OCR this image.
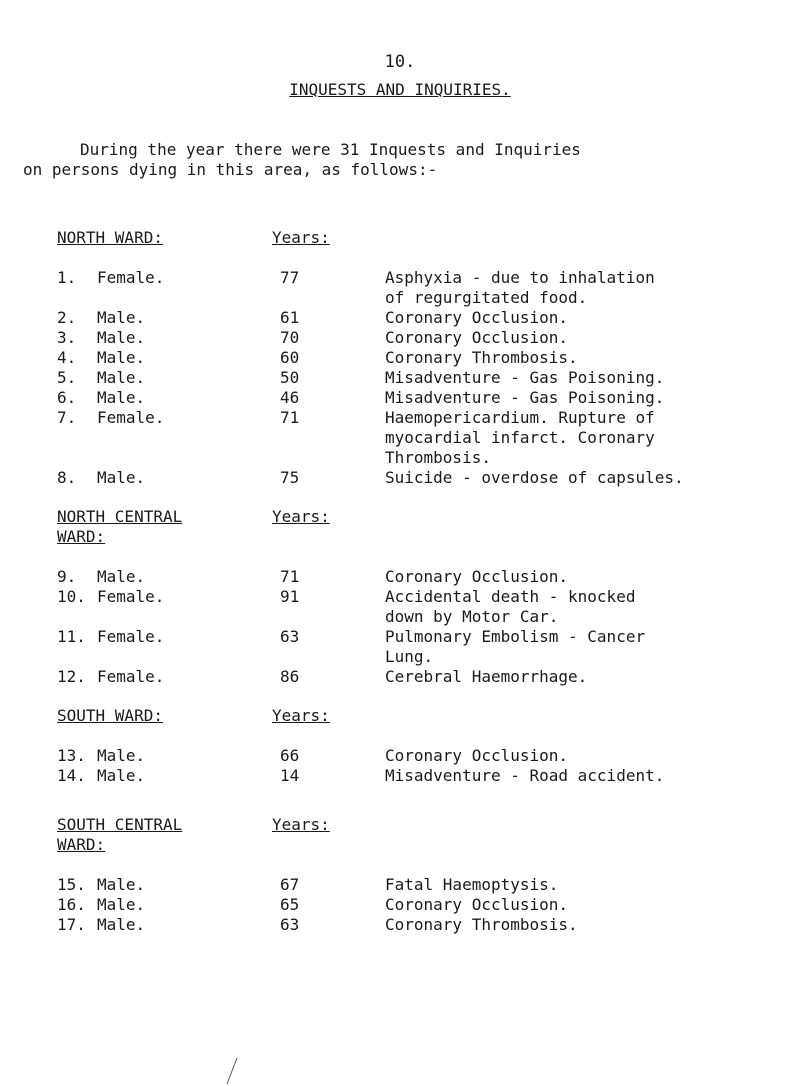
10.
INQUESTS AND INQUIRIES.
During the year there were 31 Inquests and Inquiries
on persons dying in this area, as follows:-
NORTH WARD:	Years:
1.	Female.	77	Asphyxia - due to inhalation
of regurgitated food.
2.	Male.	61	Coronary Occlusion.
3.	Male.	70	Coronary Occlusion.
4.	Male.	60	Coronary Thrombosis.
5.	Male.	50	Misadventure - Gas Poisoning.
6.	Male.	46	Misadventure - Gas Poisoning.
7.	Female.	71	Haemopericardium. Rupture of
myocardial infarct. Coronary
Thrombosis.
8.	Male.	75	Suicide - overdose of capsules.
NORTH CENTRAL WARD:
Years:
9.	Male.	71	Coronary Occlusion.
10. Female.	91	Accidental death - knocked
down by Motor Car.
11. Female.	63	Pulmonary Embolism - Cancer
Lung.
12. Female.	86	Cerebral Haemorrhage.
SOUTH WARD:	Years:
13. Male.	66	Coronary Occlusion.
14. Male.	14	Misadventure - Road accident.
SOUTH CENTRAL WARD:
Years:
15. Male.	67	Fatal Haemoptysis.
16. Male.	65	Coronary Occlusion.
17. Male.	63	Coronary Thrombosis.
